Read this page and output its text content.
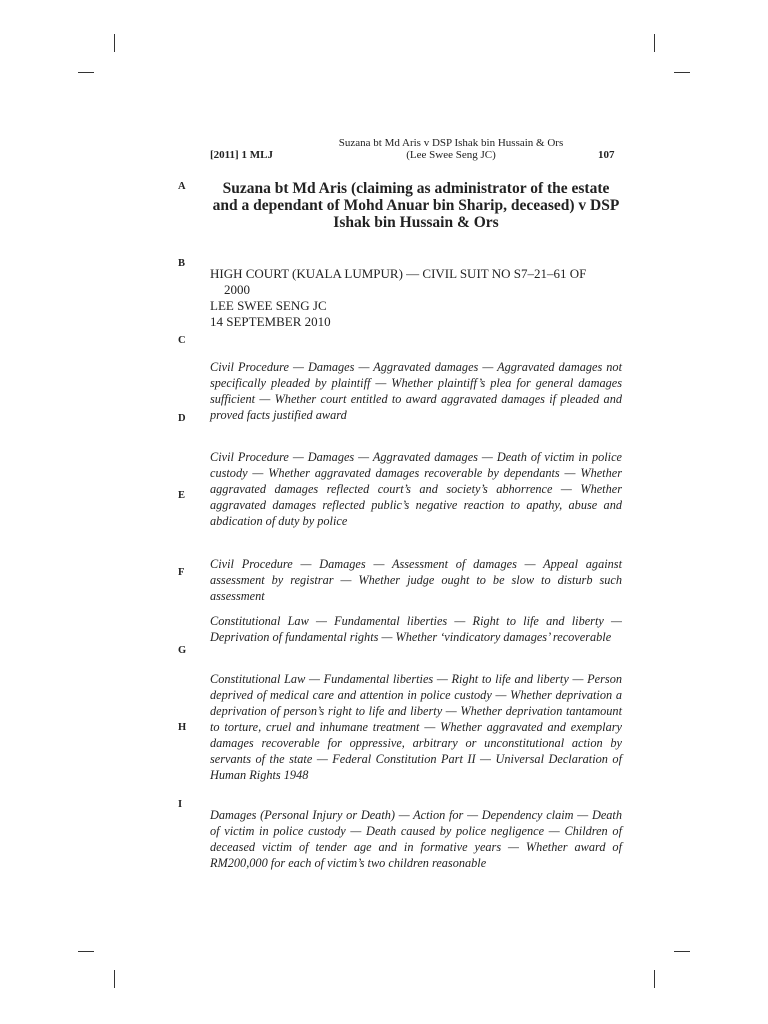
[2011] 1 MLJ
Suzana bt Md Aris v DSP Ishak bin Hussain & Ors
(Lee Swee Seng JC)	107
A
B
C
D
E
F
G
H
I
Suzana bt Md Aris (claiming as administrator of the estate and a dependant of Mohd Anuar bin Sharip, deceased) v DSP Ishak bin Hussain & Ors
HIGH COURT (KUALA LUMPUR) — CIVIL SUIT NO S7–21–61 OF
2000
LEE SWEE SENG JC
14 SEPTEMBER 2010
Civil Procedure — Damages — Aggravated damages — Aggravated damages not specifically pleaded by plaintiff — Whether plaintiff’s plea for general damages sufficient — Whether court entitled to award aggravated damages if pleaded and proved facts justified award
Civil Procedure — Damages — Aggravated damages — Death of victim in police custody — Whether aggravated damages recoverable by dependants — Whether aggravated damages reflected court’s and society’s abhorrence — Whether aggravated damages reflected public’s negative reaction to apathy, abuse and abdication of duty by police
Civil Procedure — Damages — Assessment of damages — Appeal against assessment by registrar — Whether judge ought to be slow to disturb such assessment
Constitutional Law — Fundamental liberties — Right to life and liberty — Deprivation of fundamental rights — Whether ‘vindicatory damages’ recoverable
Constitutional Law — Fundamental liberties — Right to life and liberty — Person deprived of medical care and attention in police custody — Whether deprivation a deprivation of person’s right to life and liberty — Whether deprivation tantamount to torture, cruel and inhumane treatment — Whether aggravated and exemplary damages recoverable for oppressive, arbitrary or unconstitutional action by servants of the state — Federal Constitution Part II — Universal Declaration of Human Rights 1948
Damages (Personal Injury or Death) — Action for — Dependency claim — Death of victim in police custody — Death caused by police negligence — Children of deceased victim of tender age and in formative years — Whether award of RM200,000 for each of victim’s two children reasonable
